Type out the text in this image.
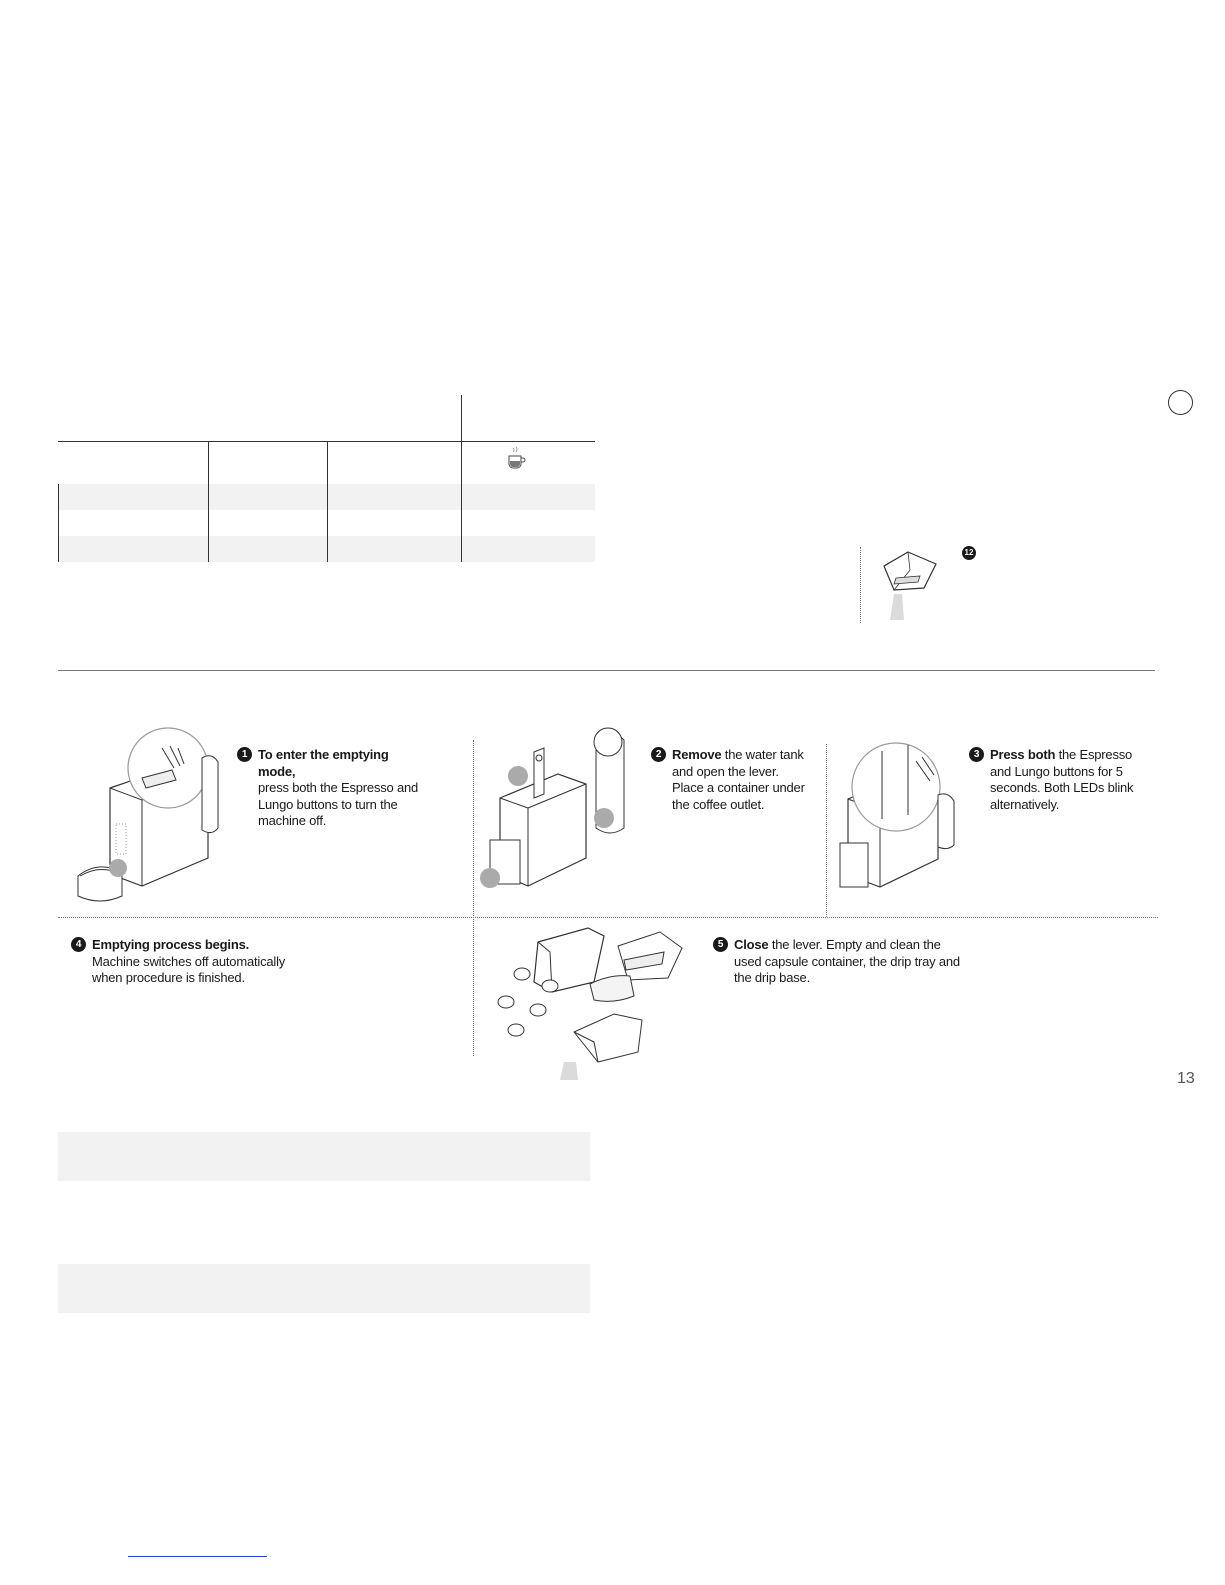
12
1 To enter the emptying mode,
press both the Espresso and Lungo buttons to turn the machine off.
2 Remove the water tank and open the lever. Place a container under the coffee outlet.
3 Press both the Espresso and Lungo buttons for 5 seconds. Both LEDs blink alternatively.
4 Emptying process begins.
Machine switches off automatically when procedure is finished.
5 Close the lever. Empty and clean the used capsule container, the drip tray and the drip base.
13
